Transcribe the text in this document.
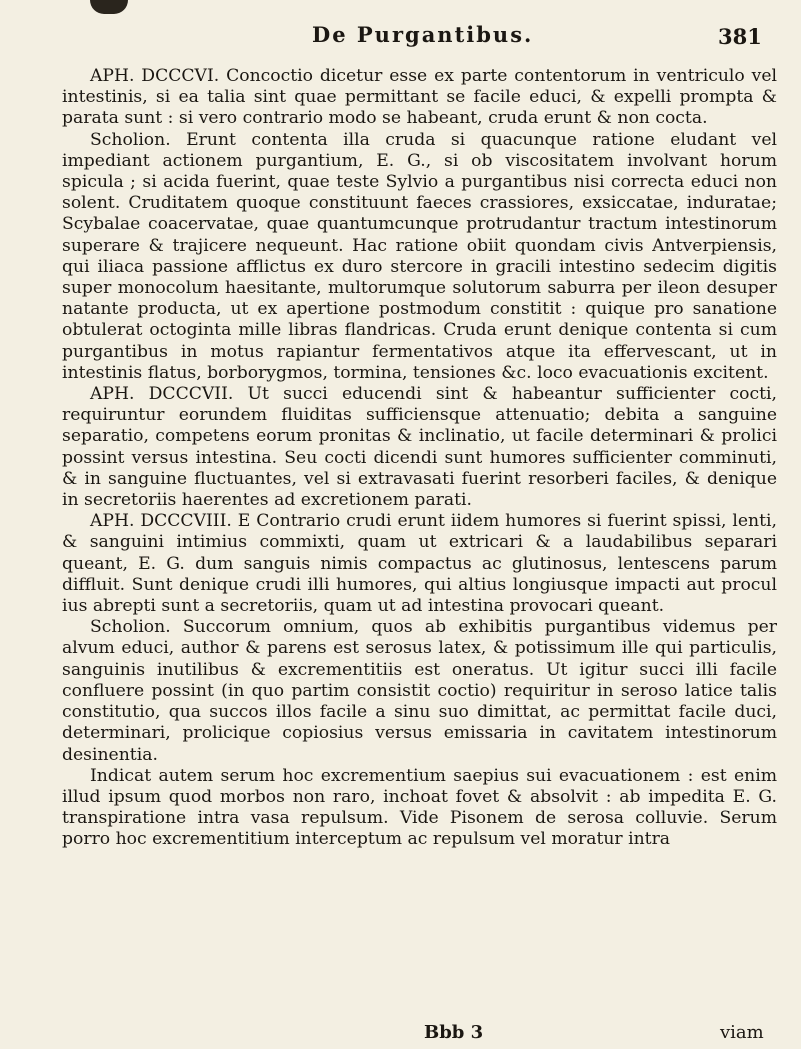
De Purgantibus.	381

APH. DCCCVI. Concoctio dicetur esse ex parte contentorum in ventriculo vel intestinis, si ea talia sint quae permittant se facile educi, & expelli prompta & parata sunt : si vero contrario modo se habeant, cruda erunt & non cocta.

Scholion. Erunt contenta illa cruda si quacunque ratione eludant vel impediant actionem purgantium, E. G., si ob viscositatem involvant horum spicula ; si acida fuerint, quae teste Sylvio a purgantibus nisi correcta educi non solent. Cruditatem quoque constituunt faeces crassiores, exsiccatae, induratae; Scybalae coacervatae, quae quantumcunque protrudantur tractum intestinorum superare & trajicere nequeunt. Hac ratione obiit quondam civis Antverpiensis, qui iliaca passione afflictus ex duro stercore in gracili intestino sedecim digitis super monocolum haesitante, multorumque solutorum saburra per ileon desuper natante producta, ut ex apertione postmodum constitit : quique pro sanatione obtulerat octoginta mille libras flandricas. Cruda erunt denique contenta si cum purgantibus in motus rapiantur fermentativos atque ita effervescant, ut in intestinis flatus, borborygmos, tormina, tensiones &c. loco evacuationis excitent.

APH. DCCCVII. Ut succi educendi sint & habeantur sufficienter cocti, requiruntur eorundem fluiditas sufficiensque attenuatio; debita a sanguine separatio, competens eorum pronitas & inclinatio, ut facile determinari & prolici possint versus intestina. Seu cocti dicendi sunt humores sufficienter comminuti, & in sanguine fluctuantes, vel si extravasati fuerint resorberi faciles, & denique in secretoriis haerentes ad excretionem parati.

APH. DCCCVIII. E Contrario crudi erunt iidem humores si fuerint spissi, lenti, & sanguini intimius commixti, quam ut extricari & a laudabilibus separari queant, E. G. dum sanguis nimis compactus ac glutinosus, lentescens parum diffluit. Sunt denique crudi illi humores, qui altius longiusque impacti aut procul ius abrepti sunt a secretoriis, quam ut ad intestina provocari queant.

Scholion. Succorum omnium, quos ab exhibitis purgantibus videmus per alvum educi, author & parens est serosus latex, & potissimum ille qui particulis, sanguinis inutilibus & excrementitiis est oneratus. Ut igitur succi illi facile confluere possint (in quo partim consistit coctio) requiritur in seroso latice talis constitutio, qua succos illos facile a sinu suo dimittat, ac permittat facile duci, determinari, prolicique copiosius versus emissaria in cavitatem intestinorum desinentia.

Indicat autem serum hoc excrementium saepius sui evacuationem : est enim illud ipsum quod morbos non raro, inchoat fovet & absolvit : ab impedita E. G. transpiratione intra vasa repulsum. Vide Pisonem de serosa colluvie. Serum porro hoc excrementitium interceptum ac repulsum vel moratur intra

Bbb 3	viam
